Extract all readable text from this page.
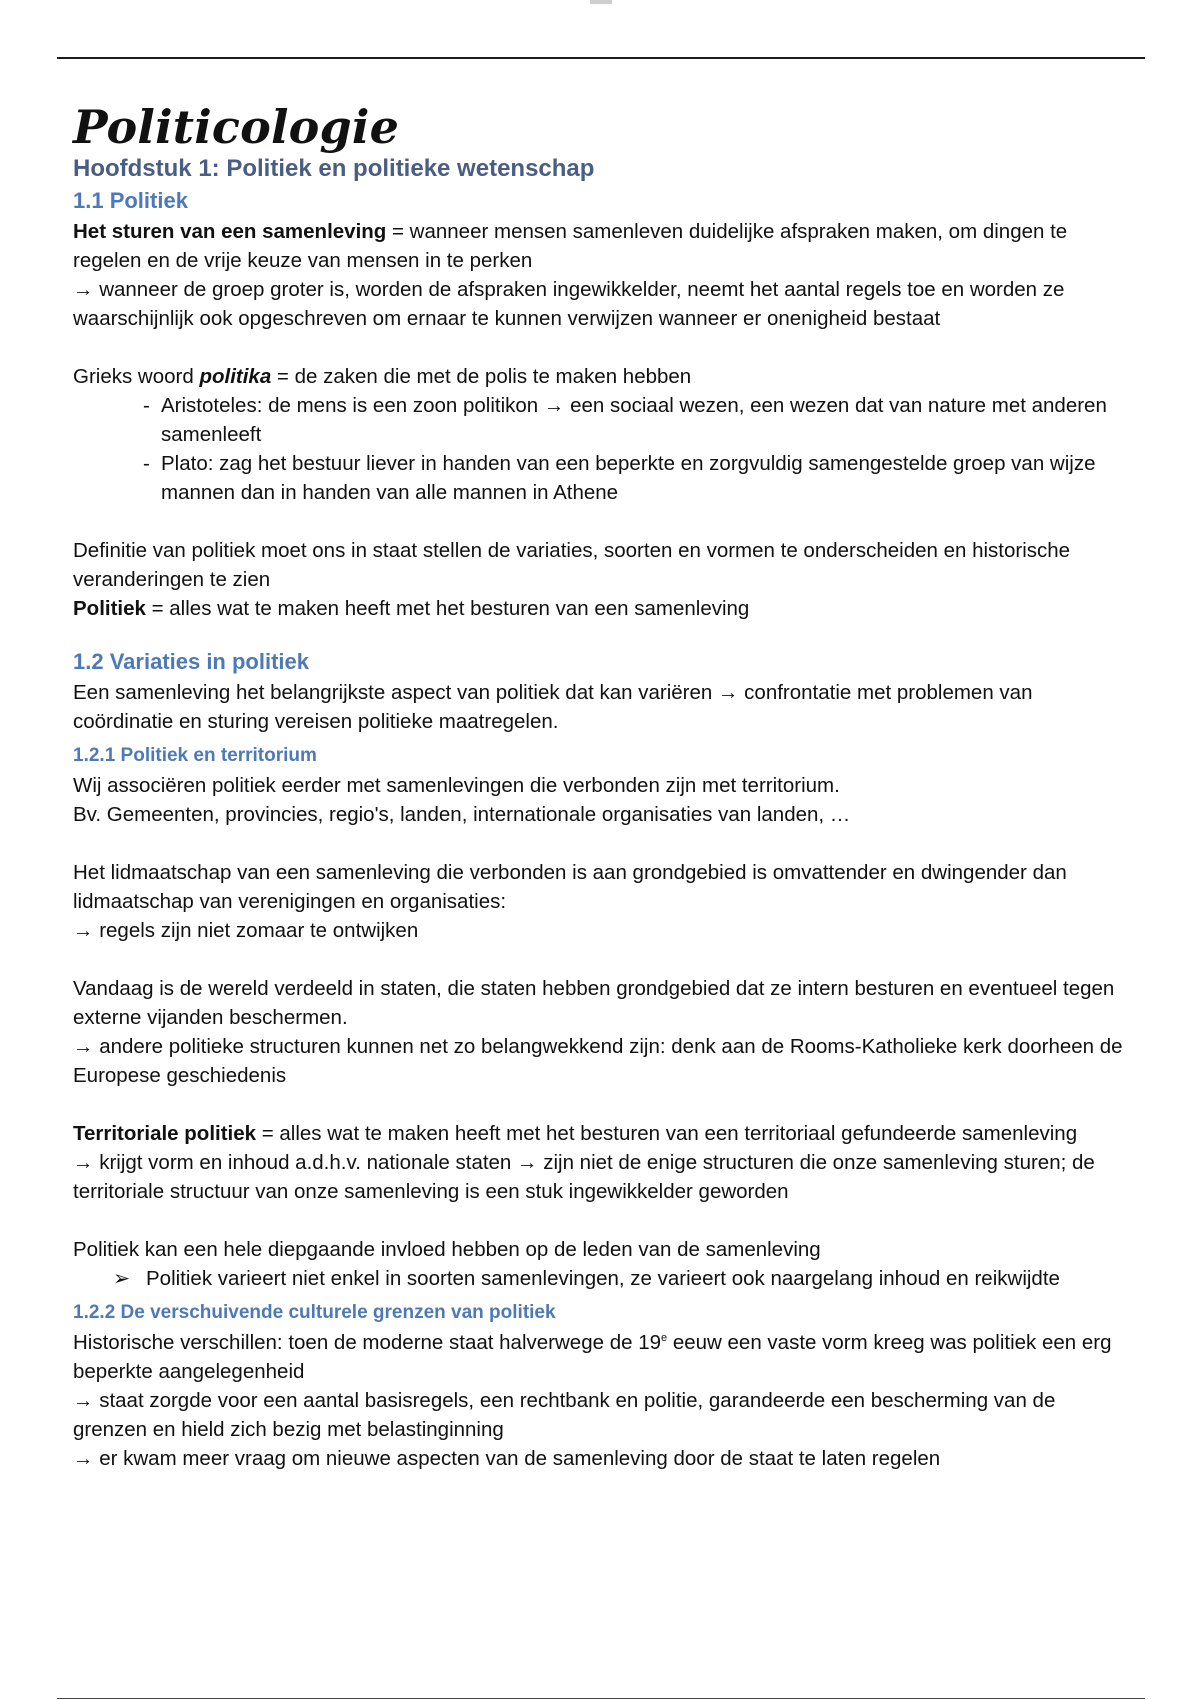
Politicologie
Hoofdstuk 1: Politiek en politieke wetenschap
1.1 Politiek

Het sturen van een samenleving = wanneer mensen samenleven duidelijke afspraken maken, om dingen te regelen en de vrije keuze van mensen in te perken

→ wanneer de groep groter is, worden de afspraken ingewikkelder, neemt het aantal regels toe en worden ze waarschijnlijk ook opgeschreven om ernaar te kunnen verwijzen wanneer er onenigheid bestaat

Grieks woord politika = de zaken die met de polis te maken hebben

- Aristoteles: de mens is een zoon politikon → een sociaal wezen, een wezen dat van nature met anderen samenleeft
- Plato: zag het bestuur liever in handen van een beperkte en zorgvuldig samengestelde groep van wijze mannen dan in handen van alle mannen in Athene

Definitie van politiek moet ons in staat stellen de variaties, soorten en vormen te onderscheiden en historische veranderingen te zien

Politiek = alles wat te maken heeft met het besturen van een samenleving

1.2 Variaties in politiek

Een samenleving het belangrijkste aspect van politiek dat kan variëren → confrontatie met problemen van coördinatie en sturing vereisen politieke maatregelen.

1.2.1 Politiek en territorium

Wij associëren politiek eerder met samenlevingen die verbonden zijn met territorium.

Bv. Gemeenten, provincies, regio's, landen, internationale organisaties van landen, …

Het lidmaatschap van een samenleving die verbonden is aan grondgebied is omvattender en dwingender dan lidmaatschap van verenigingen en organisaties:

→ regels zijn niet zomaar te ontwijken

Vandaag is de wereld verdeeld in staten, die staten hebben grondgebied dat ze intern besturen en eventueel tegen externe vijanden beschermen.

→ andere politieke structuren kunnen net zo belangwekkend zijn: denk aan de Rooms-Katholieke kerk doorheen de Europese geschiedenis

Territoriale politiek = alles wat te maken heeft met het besturen van een territoriaal gefundeerde samenleving

→ krijgt vorm en inhoud a.d.h.v. nationale staten → zijn niet de enige structuren die onze samenleving sturen; de territoriale structuur van onze samenleving is een stuk ingewikkelder geworden

Politiek kan een hele diepgaande invloed hebben op de leden van de samenleving

➢ Politiek varieert niet enkel in soorten samenlevingen, ze varieert ook naargelang inhoud en reikwijdte
1.2.2 De verschuivende culturele grenzen van politiek

Historische verschillen: toen de moderne staat halverwege de 19e eeuw een vaste vorm kreeg was politiek een erg beperkte aangelegenheid

→ staat zorgde voor een aantal basisregels, een rechtbank en politie, garandeerde een bescherming van de grenzen en hield zich bezig met belastinginning

→ er kwam meer vraag om nieuwe aspecten van de samenleving door de staat te laten regelen
